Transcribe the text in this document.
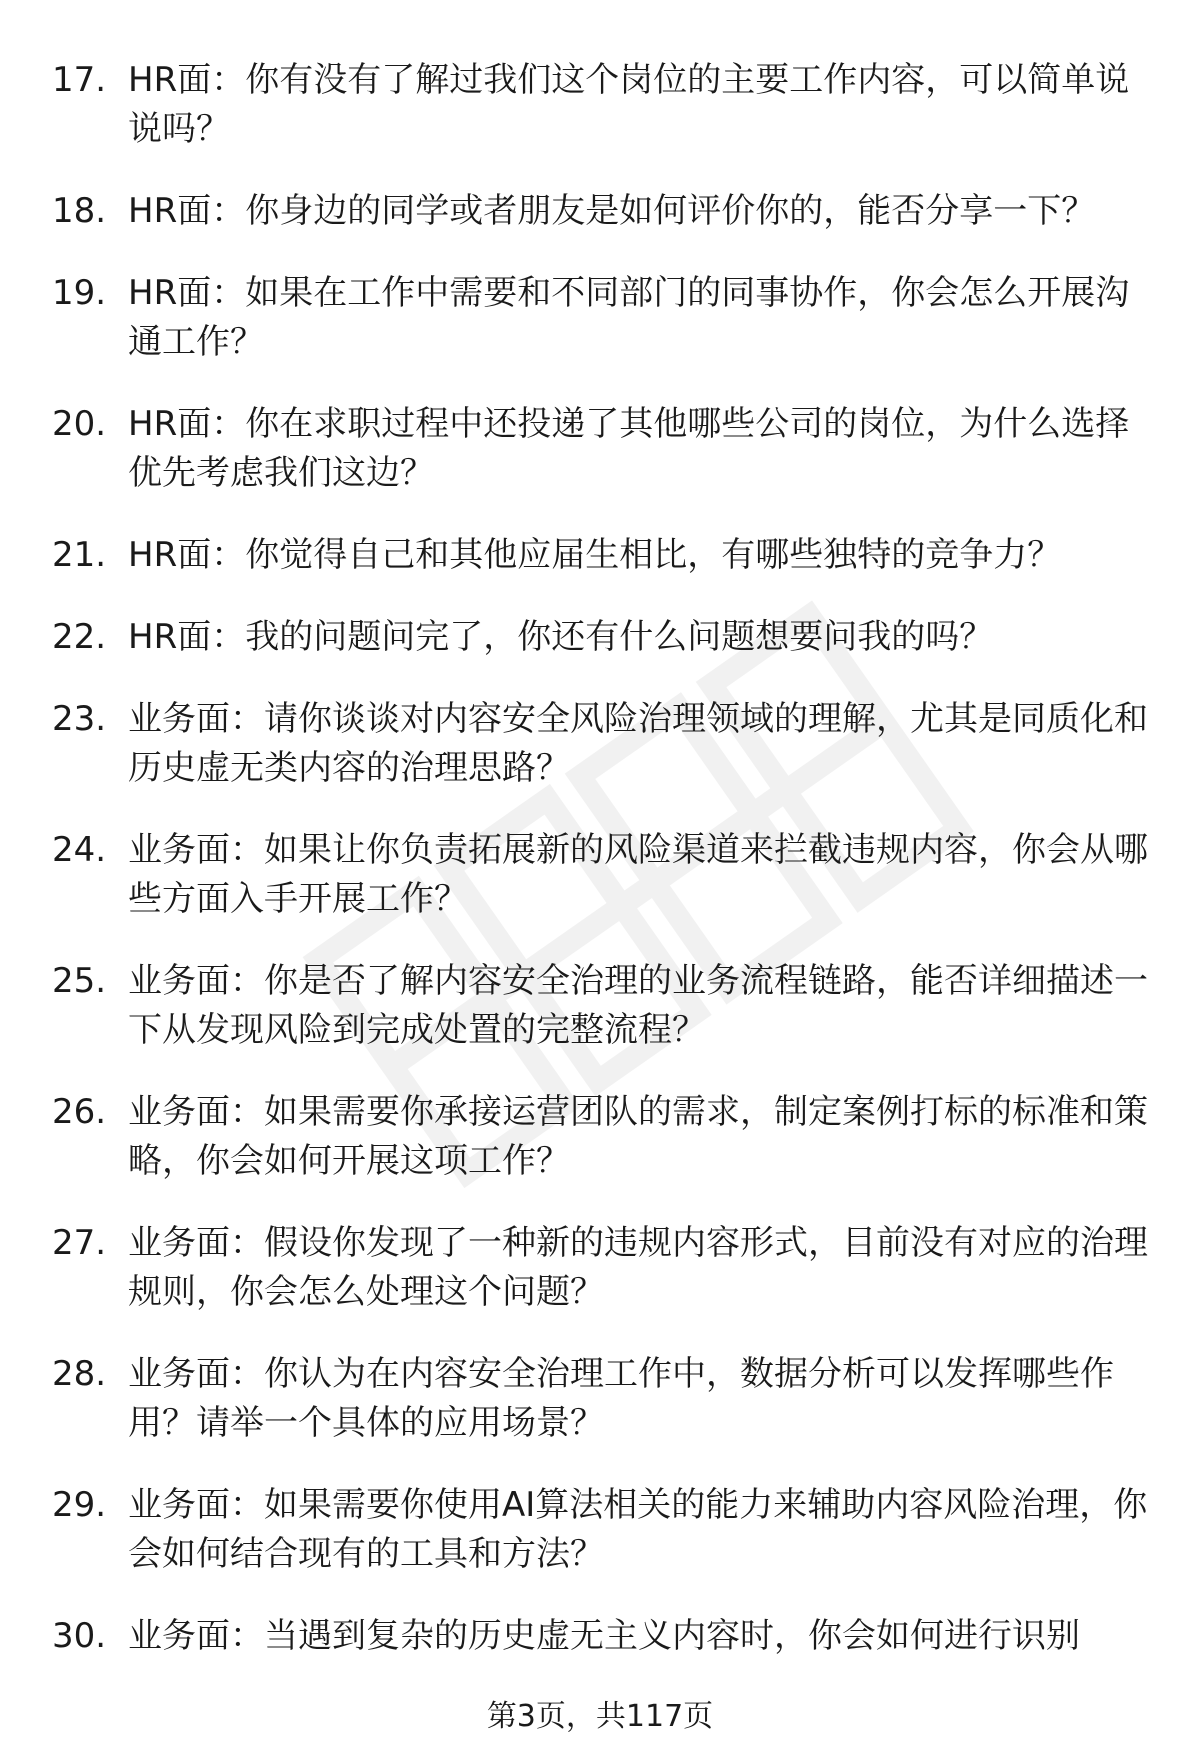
17. HR面：你有没有了解过我们这个岗位的主要工作内容，可以简单说说吗？
18. HR面：你身边的同学或者朋友是如何评价你的，能否分享一下？
19. HR面：如果在工作中需要和不同部门的同事协作，你会怎么开展沟通工作？
20. HR面：你在求职过程中还投递了其他哪些公司的岗位，为什么选择优先考虑我们这边？
21. HR面：你觉得自己和其他应届生相比，有哪些独特的竞争力？
22. HR面：我的问题问完了，你还有什么问题想要问我的吗？
23. 业务面：请你谈谈对内容安全风险治理领域的理解，尤其是同质化和历史虚无类内容的治理思路？
24. 业务面：如果让你负责拓展新的风险渠道来拦截违规内容，你会从哪些方面入手开展工作？
25. 业务面：你是否了解内容安全治理的业务流程链路，能否详细描述一下从发现风险到完成处置的完整流程？
26. 业务面：如果需要你承接运营团队的需求，制定案例打标的标准和策略，你会如何开展这项工作？
27. 业务面：假设你发现了一种新的违规内容形式，目前没有对应的治理规则，你会怎么处理这个问题？
28. 业务面：你认为在内容安全治理工作中，数据分析可以发挥哪些作用？请举一个具体的应用场景？
29. 业务面：如果需要你使用AI算法相关的能力来辅助内容风险治理，你会如何结合现有的工具和方法？
30. 业务面：当遇到复杂的历史虚无主义内容时，你会如何进行识别
第3页，共117页
